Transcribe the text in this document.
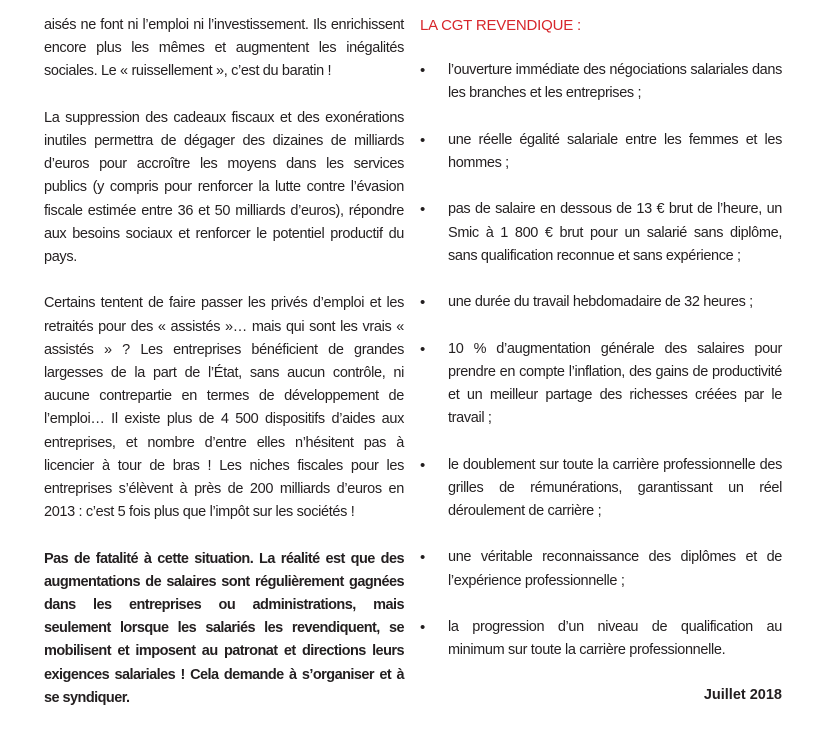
aisés ne font ni l’emploi ni l’investissement. Ils enrichissent encore plus les mêmes et augmentent les inégalités sociales. Le « ruissellement », c’est du baratin !

La suppression des cadeaux fiscaux et des exonérations inutiles permettra de dégager des dizaines de milliards d’euros pour accroître les moyens dans les services publics (y compris pour renforcer la lutte contre l’évasion fiscale estimée entre 36 et 50 milliards d’euros), répondre aux besoins sociaux et renforcer le potentiel productif du pays.

Certains tentent de faire passer les privés d’emploi et les retraités pour des « assistés »… mais qui sont les vrais « assistés » ? Les entreprises bénéficient de grandes largesses de la part de l’État, sans aucun contrôle, ni aucune contrepartie en termes de développement de l’emploi… Il existe plus de 4 500 dispositifs d’aides aux entreprises, et nombre d’entre elles n’hésitent pas à licencier à tour de bras ! Les niches fiscales pour les entreprises s’élèvent à près de 200 milliards d’euros en 2013 : c’est 5 fois plus que l’impôt sur les sociétés !

Pas de fatalité à cette situation. La réalité est que des augmentations de salaires sont régulièrement gagnées dans les entreprises ou administrations, mais seulement lorsque les salariés les revendiquent, se mobilisent et imposent au patronat et directions leurs exigences salariales ! Cela demande à s’organiser et à se syndiquer.

LA CGT REVENDIQUE :
• l’ouverture immédiate des négociations salariales dans les branches et les entreprises ;
• une réelle égalité salariale entre les femmes et les hommes ;
• pas de salaire en dessous de 13 € brut de l’heure, un Smic à 1 800 € brut pour un salarié sans diplôme, sans qualification reconnue et sans expérience ;
• une durée du travail hebdomadaire de 32 heures ;
• 10 % d’augmentation générale des salaires pour prendre en compte l’inflation, des gains de productivité et un meilleur partage des richesses créées par le travail ;
• le doublement sur toute la carrière professionnelle des grilles de rémunérations, garantissant un réel déroulement de carrière ;
• une véritable reconnaissance des diplômes et de l’expérience professionnelle ;
• la progression d’un niveau de qualification au minimum sur toute la carrière professionnelle.
Juillet 2018
